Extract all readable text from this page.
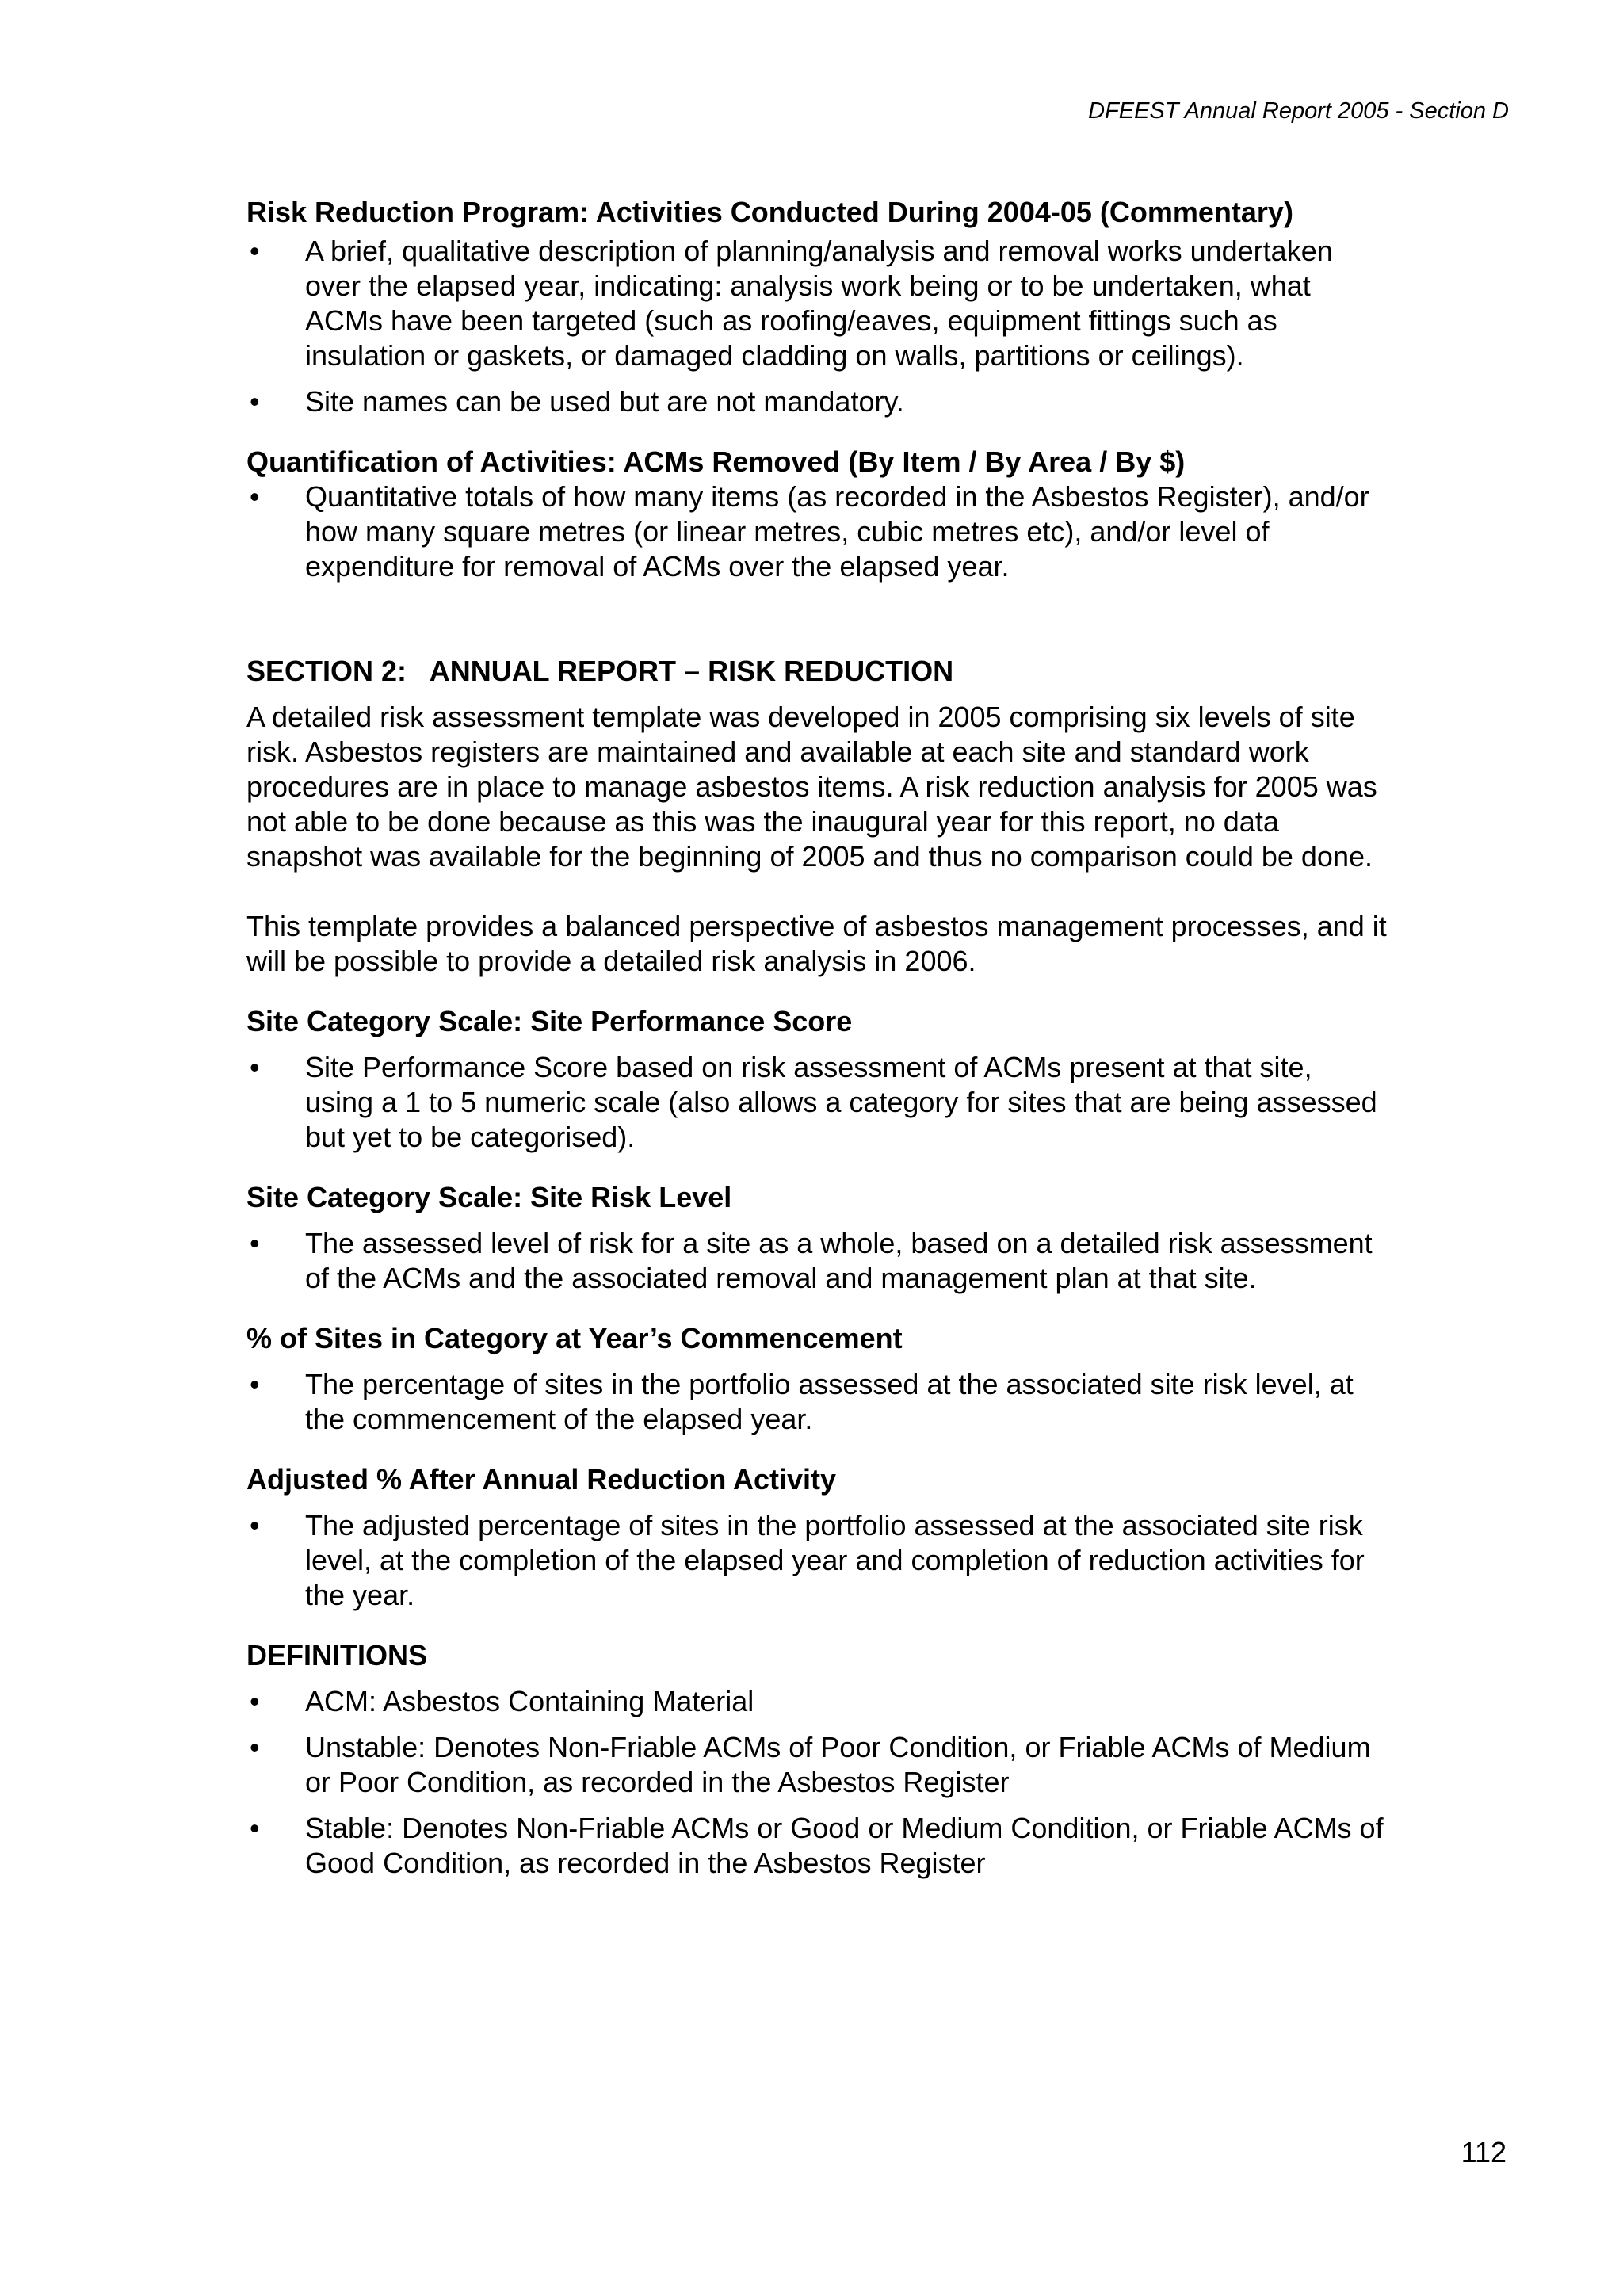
DFEEST Annual Report 2005 - Section D

Risk Reduction Program: Activities Conducted During 2004-05 (Commentary)

• A brief, qualitative description of planning/analysis and removal works undertaken over the elapsed year, indicating: analysis work being or to be undertaken, what ACMs have been targeted (such as roofing/eaves, equipment fittings such as insulation or gaskets, or damaged cladding on walls, partitions or ceilings).
• Site names can be used but are not mandatory.

Quantification of Activities: ACMs Removed (By Item / By Area / By $)

• Quantitative totals of how many items (as recorded in the Asbestos Register), and/or how many square metres (or linear metres, cubic metres etc), and/or level of expenditure for removal of ACMs over the elapsed year.

SECTION 2:   ANNUAL REPORT – RISK REDUCTION

A detailed risk assessment template was developed in 2005 comprising six levels of site risk. Asbestos registers are maintained and available at each site and standard work procedures are in place to manage asbestos items. A risk reduction analysis for 2005 was not able to be done because as this was the inaugural year for this report, no data snapshot was available for the beginning of 2005 and thus no comparison could be done.

This template provides a balanced perspective of asbestos management processes, and it will be possible to provide a detailed risk analysis in 2006.

Site Category Scale: Site Performance Score

• Site Performance Score based on risk assessment of ACMs present at that site, using a 1 to 5 numeric scale (also allows a category for sites that are being assessed but yet to be categorised).

Site Category Scale: Site Risk Level

• The assessed level of risk for a site as a whole, based on a detailed risk assessment of the ACMs and the associated removal and management plan at that site.

% of Sites in Category at Year’s Commencement

• The percentage of sites in the portfolio assessed at the associated site risk level, at the commencement of the elapsed year.

Adjusted % After Annual Reduction Activity

• The adjusted percentage of sites in the portfolio assessed at the associated site risk level, at the completion of the elapsed year and completion of reduction activities for the year.

DEFINITIONS

• ACM: Asbestos Containing Material
• Unstable: Denotes Non-Friable ACMs of Poor Condition, or Friable ACMs of Medium or Poor Condition, as recorded in the Asbestos Register
• Stable: Denotes Non-Friable ACMs or Good or Medium Condition, or Friable ACMs of Good Condition, as recorded in the Asbestos Register
112
